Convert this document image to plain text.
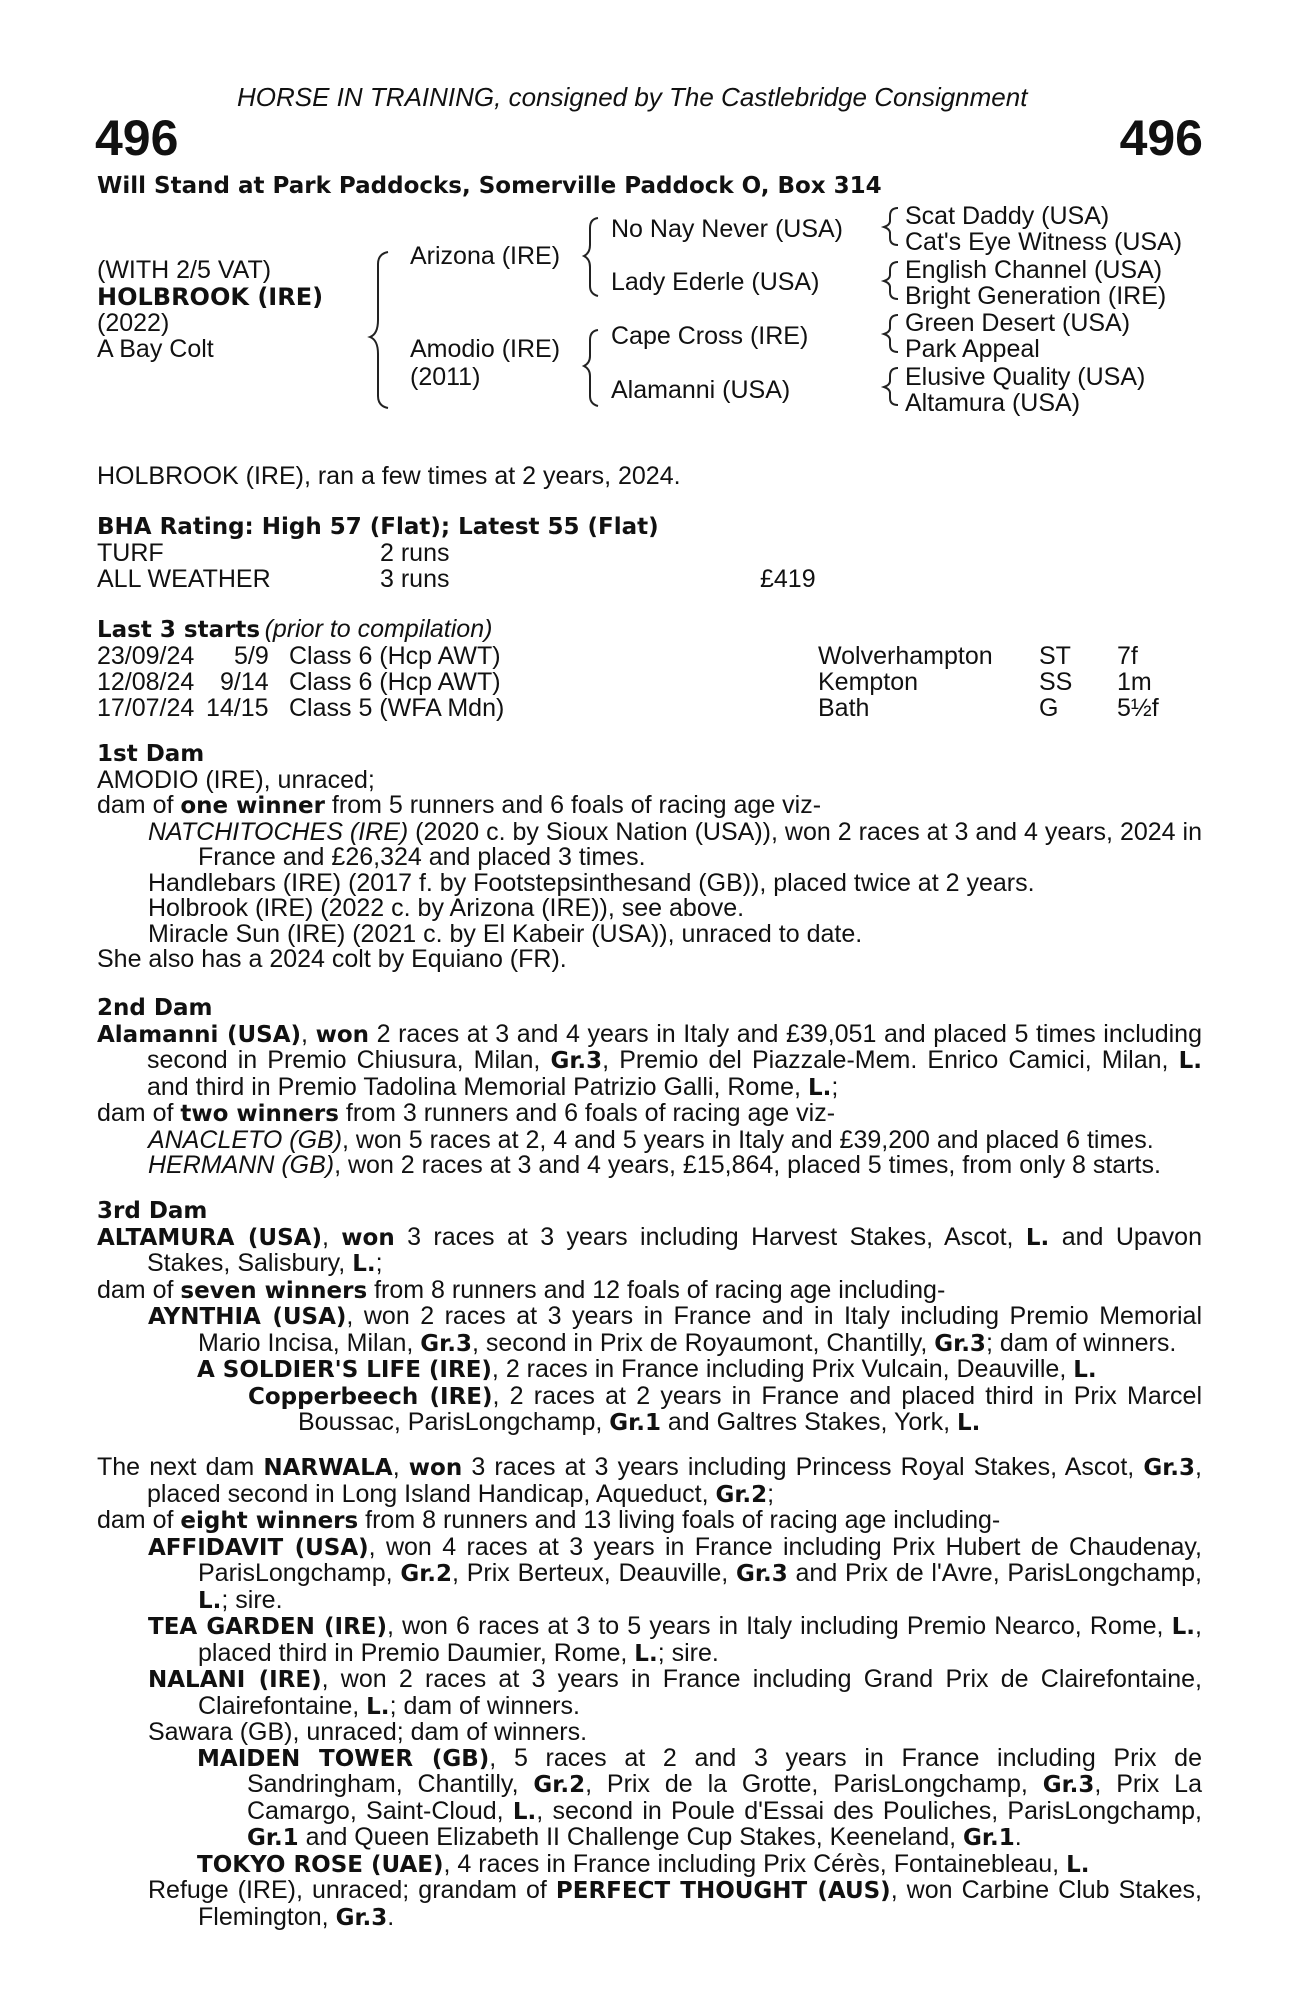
HORSE IN TRAINING, consigned by The Castlebridge Consignment
496	496
Will Stand at Park Paddocks, Somerville Paddock O, Box 314
(WITH 2/5 VAT)
HOLBROOK (IRE)
(2022)
A Bay Colt
Arizona (IRE)
Amodio (IRE)
(2011)
No Nay Never (USA)
Lady Ederle (USA)
Cape Cross (IRE)
Alamanni (USA)
Scat Daddy (USA)
Cat's Eye Witness (USA)
English Channel (USA)
Bright Generation (IRE)
Green Desert (USA)
Park Appeal
Elusive Quality (USA)
Altamura (USA)
HOLBROOK (IRE), ran a few times at 2 years, 2024.
BHA Rating: High 57 (Flat); Latest 55 (Flat)
TURF	2 runs
ALL WEATHER	3 runs	£419
Last 3 starts (prior to compilation)
23/09/24 5/9 Class 6 (Hcp AWT)	Wolverhampton ST 7f
12/08/24 9/14 Class 6 (Hcp AWT)	Kempton	SS 1m
17/07/24 14/15 Class 5 (WFA Mdn)	Bath	G 5½f

1st Dam

AMODIO (IRE), unraced;

dam of one winner from 5 runners and 6 foals of racing age viz-

NATCHITOCHES (IRE) (2020 c. by Sioux Nation (USA)), won 2 races at 3 and 4 years, 2024 in France and £26,324 and placed 3 times.

Handlebars (IRE) (2017 f. by Footstepsinthesand (GB)), placed twice at 2 years.

Holbrook (IRE) (2022 c. by Arizona (IRE)), see above.

Miracle Sun (IRE) (2021 c. by El Kabeir (USA)), unraced to date.

She also has a 2024 colt by Equiano (FR).

2nd Dam

Alamanni (USA), won 2 races at 3 and 4 years in Italy and £39,051 and placed 5 times including second in Premio Chiusura, Milan, Gr.3, Premio del Piazzale-Mem. Enrico Camici, Milan, L. and third in Premio Tadolina Memorial Patrizio Galli, Rome, L.;

dam of two winners from 3 runners and 6 foals of racing age viz-

ANACLETO (GB), won 5 races at 2, 4 and 5 years in Italy and £39,200 and placed 6 times.

HERMANN (GB), won 2 races at 3 and 4 years, £15,864, placed 5 times, from only 8 starts.

3rd Dam

ALTAMURA (USA), won 3 races at 3 years including Harvest Stakes, Ascot, L. and Upavon Stakes, Salisbury, L.;

dam of seven winners from 8 runners and 12 foals of racing age including-

AYNTHIA (USA), won 2 races at 3 years in France and in Italy including Premio Memorial Mario Incisa, Milan, Gr.3, second in Prix de Royaumont, Chantilly, Gr.3; dam of winners.

A SOLDIER'S LIFE (IRE), 2 races in France including Prix Vulcain, Deauville, L.

Copperbeech (IRE), 2 races at 2 years in France and placed third in Prix Marcel Boussac, ParisLongchamp, Gr.1 and Galtres Stakes, York, L.

The next dam NARWALA, won 3 races at 3 years including Princess Royal Stakes, Ascot, Gr.3, placed second in Long Island Handicap, Aqueduct, Gr.2;

dam of eight winners from 8 runners and 13 living foals of racing age including-

AFFIDAVIT (USA), won 4 races at 3 years in France including Prix Hubert de Chaudenay, ParisLongchamp, Gr.2, Prix Berteux, Deauville, Gr.3 and Prix de l'Avre, ParisLongchamp, L.; sire.

TEA GARDEN (IRE), won 6 races at 3 to 5 years in Italy including Premio Nearco, Rome, L., placed third in Premio Daumier, Rome, L.; sire.

NALANI (IRE), won 2 races at 3 years in France including Grand Prix de Clairefontaine, Clairefontaine, L.; dam of winners.

Sawara (GB), unraced; dam of winners.

MAIDEN TOWER (GB), 5 races at 2 and 3 years in France including Prix de Sandringham, Chantilly, Gr.2, Prix de la Grotte, ParisLongchamp, Gr.3, Prix La Camargo, Saint-Cloud, L., second in Poule d'Essai des Pouliches, ParisLongchamp, Gr.1 and Queen Elizabeth II Challenge Cup Stakes, Keeneland, Gr.1.

TOKYO ROSE (UAE), 4 races in France including Prix Cérès, Fontainebleau, L.

Refuge (IRE), unraced; grandam of PERFECT THOUGHT (AUS), won Carbine Club Stakes, Flemington, Gr.3.
